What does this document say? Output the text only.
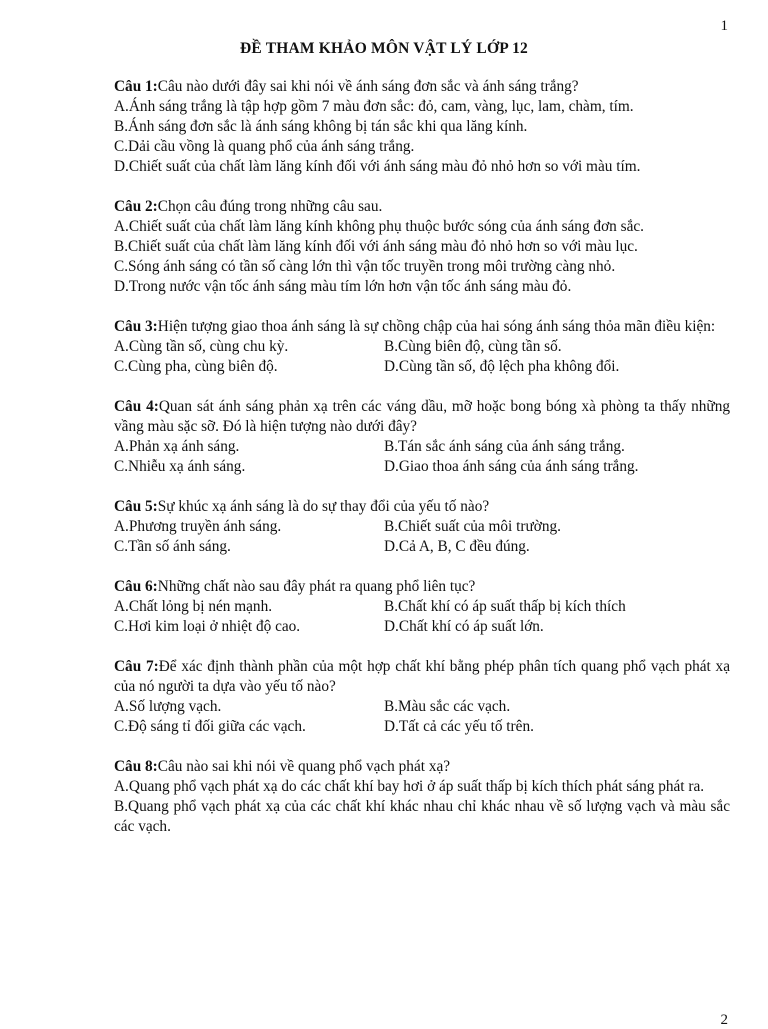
1
ĐỀ THAM KHẢO MÔN VẬT LÝ LỚP 12
Câu 1:Câu nào dưới đây sai khi nói về ánh sáng đơn sắc và ánh sáng trắng?
A.Ánh sáng trắng là tập hợp gồm 7 màu đơn sắc: đỏ, cam, vàng, lục, lam, chàm, tím.
B.Ánh sáng đơn sắc là ánh sáng không bị tán sắc khi qua lăng kính.
C.Dải cầu vồng là quang phổ của ánh sáng trắng.
D.Chiết suất của chất làm lăng kính đối với ánh sáng màu đỏ nhỏ hơn so với màu tím.
Câu 2:Chọn câu đúng trong những câu sau.
A.Chiết suất của chất làm lăng kính không phụ thuộc bước sóng của ánh sáng đơn sắc.
B.Chiết suất của chất làm lăng kính đối với ánh sáng màu đỏ nhỏ hơn so với màu lục.
C.Sóng ánh sáng có tần số càng lớn thì vận tốc truyền trong môi trường càng nhỏ.
D.Trong nước vận tốc ánh sáng màu tím lớn hơn vận tốc ánh sáng màu đỏ.
Câu 3:Hiện tượng giao thoa ánh sáng là sự chồng chập của hai sóng ánh sáng thỏa mãn điều kiện:
A.Cùng tần số, cùng chu kỳ.	B.Cùng biên độ, cùng tần số.
C.Cùng pha, cùng biên độ.	D.Cùng tần số, độ lệch pha không đổi.
Câu 4:Quan sát ánh sáng phản xạ trên các váng dầu, mỡ hoặc bong bóng xà phòng ta thấy những vầng màu sặc sỡ. Đó là hiện tượng nào dưới đây?
A.Phản xạ ánh sáng.	B.Tán sắc ánh sáng của ánh sáng trắng.
C.Nhiễu xạ ánh sáng.	D.Giao thoa ánh sáng của ánh sáng trắng.
Câu 5:Sự khúc xạ ánh sáng là do sự thay đổi của yếu tố nào?
A.Phương truyền ánh sáng.	B.Chiết suất của môi trường.
C.Tần số ánh sáng.	D.Cả A, B, C đều đúng.
Câu 6:Những chất nào sau đây phát ra quang phổ liên tục?
A.Chất lỏng bị nén mạnh.	B.Chất khí có áp suất thấp bị kích thích
C.Hơi kim loại ở nhiệt độ cao.	D.Chất khí có áp suất lớn.
Câu 7:Để xác định thành phần của một hợp chất khí bằng phép phân tích quang phổ vạch phát xạ của nó người ta dựa vào yếu tố nào?
A.Số lượng vạch.	B.Màu sắc các vạch.
C.Độ sáng tỉ đối giữa các vạch.	D.Tất cả các yếu tố trên.
Câu 8:Câu nào sai khi nói về quang phổ vạch phát xạ?
A.Quang phổ vạch phát xạ do các chất khí bay hơi ở áp suất thấp bị kích thích phát sáng phát ra.
B.Quang phổ vạch phát xạ của các chất khí khác nhau chỉ khác nhau về số lượng vạch và màu sắc các vạch.
2
